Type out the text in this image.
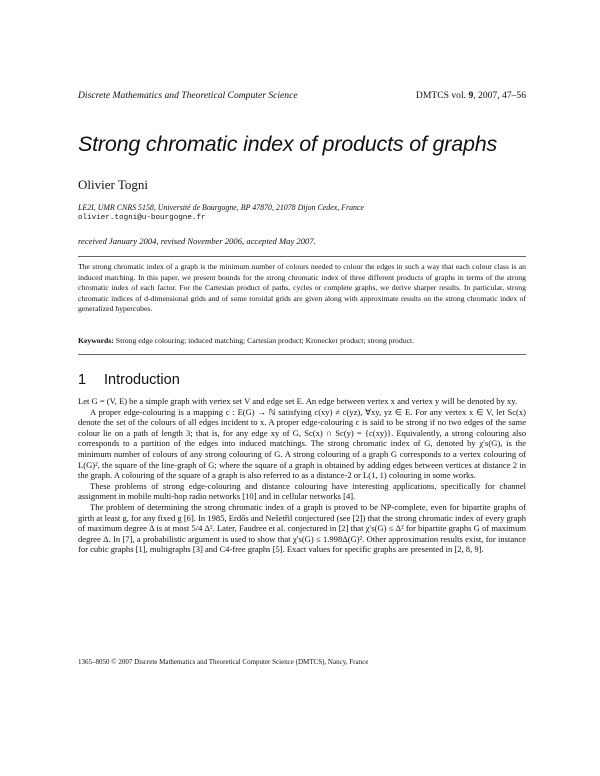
Discrete Mathematics and Theoretical Computer Science	DMTCS vol. 9, 2007, 47–56
Strong chromatic index of products of graphs
Olivier Togni
LE2I, UMR CNRS 5158, Université de Bourgogne, BP 47870, 21078 Dijon Cedex, France
olivier.togni@u-bourgogne.fr
received January 2004, revised November 2006, accepted May 2007.
The strong chromatic index of a graph is the minimum number of colours needed to colour the edges in such a way that each colour class is an induced matching. In this paper, we present bounds for the strong chromatic index of three different products of graphs in terms of the strong chromatic index of each factor. For the Cartesian product of paths, cycles or complete graphs, we derive sharper results. In particular, strong chromatic indices of d-dimensional grids and of some toroidal grids are given along with approximate results on the strong chromatic index of generalized hypercubes.
Keywords: Strong edge colouring; induced matching; Cartesian product; Kronecker product; strong product.
1 Introduction

Let G = (V, E) be a simple graph with vertex set V and edge set E. An edge between vertex x and vertex y will be denoted by xy.

A proper edge-colouring is a mapping c : E(G) → ℕ satisfying c(xy) ≠ c(yz), ∀xy, yz ∈ E. For any vertex x ∈ V, let Sc(x) denote the set of the colours of all edges incident to x. A proper edge-colouring c is said to be strong if no two edges of the same colour lie on a path of length 3; that is, for any edge xy of G, Sc(x) ∩ Sc(y) = {c(xy)}. Equivalently, a strong colouring also corresponds to a partition of the edges into induced matchings. The strong chromatic index of G, denoted by χ′s(G), is the minimum number of colours of any strong colouring of G. A strong colouring of a graph G corresponds to a vertex colouring of L(G)², the square of the line-graph of G; where the square of a graph is obtained by adding edges between vertices at distance 2 in the graph. A colouring of the square of a graph is also referred to as a distance-2 or L(1, 1) colouring in some works.

These problems of strong edge-colouring and distance colouring have interesting applications, specifically for channel assignment in mobile multi-hop radio networks [10] and in cellular networks [4].

The problem of determining the strong chromatic index of a graph is proved to be NP-complete, even for bipartite graphs of girth at least g, for any fixed g [6]. In 1985, Erdős and Nešetřil conjectured (see [2]) that the strong chromatic index of every graph of maximum degree Δ is at most 5/4 Δ². Later, Faudree et al. conjectured in [2] that χ′s(G) ≤ Δ² for bipartite graphs G of maximum degree Δ. In [7], a probabilistic argument is used to show that χ′s(G) ≤ 1.998Δ(G)². Other approximation results exist, for instance for cubic graphs [1], multigraphs [3] and C4-free graphs [5]. Exact values for specific graphs are presented in [2, 8, 9].

1365–8050 © 2007 Discrete Mathematics and Theoretical Computer Science (DMTCS), Nancy, France
